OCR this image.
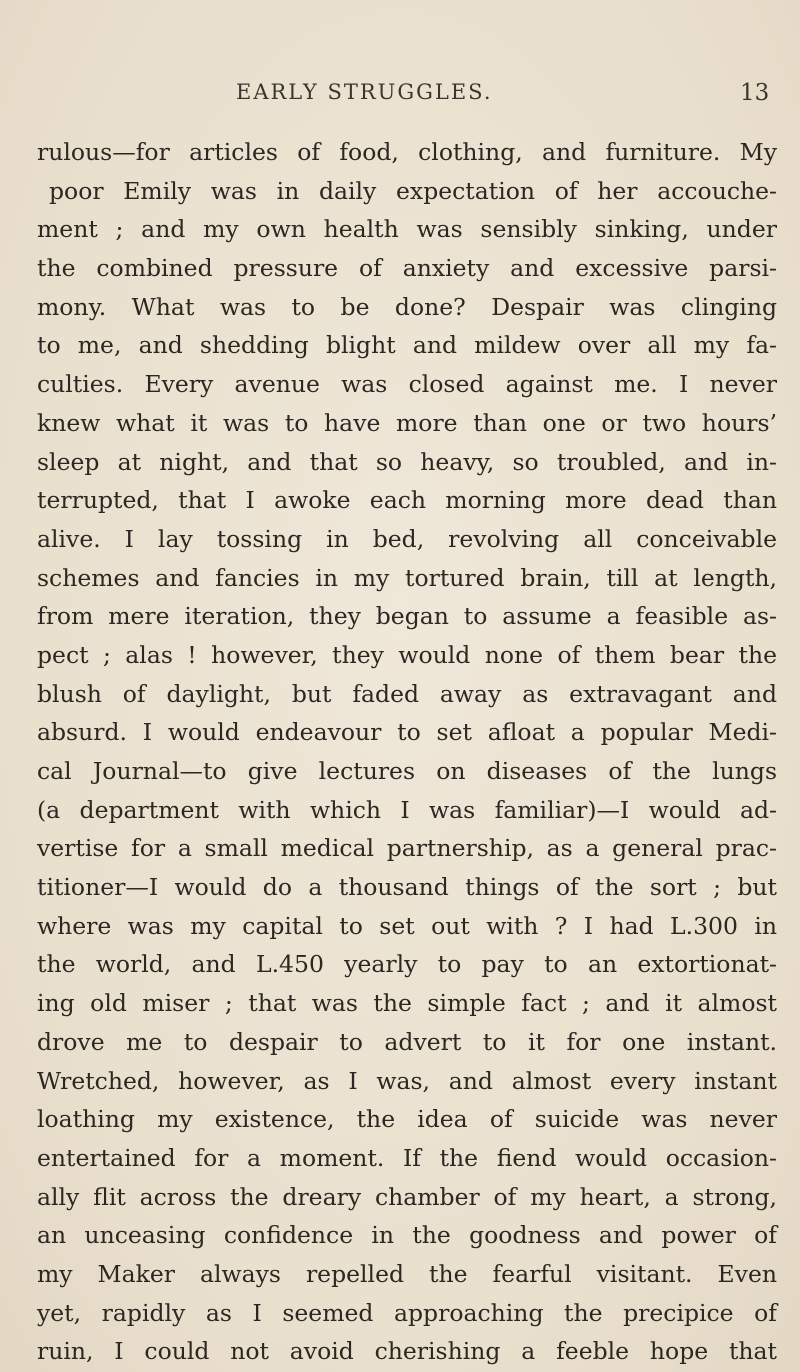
EARLY STRUGGLES.	13
rulous—for articles of food, clothing, and furniture. My
poor Emily was in daily expectation of her accouche-
ment ; and my own health was sensibly sinking, under
the combined pressure of anxiety and excessive parsi-
mony. What was to be done? Despair was clinging
to me, and shedding blight and mildew over all my fa-
culties. Every avenue was closed against me. I never
knew what it was to have more than one or two hours’
sleep at night, and that so heavy, so troubled, and in-
terrupted, that I awoke each morning more dead than
alive. I lay tossing in bed, revolving all conceivable
schemes and fancies in my tortured brain, till at length,
from mere iteration, they began to assume a feasible as-
pect ; alas ! however, they would none of them bear the
blush of daylight, but faded away as extravagant and
absurd. I would endeavour to set afloat a popular Medi-
cal Journal—to give lectures on diseases of the lungs
(a department with which I was familiar)—I would ad-
vertise for a small medical partnership, as a general prac-
titioner—I would do a thousand things of the sort ; but
where was my capital to set out with ? I had L.300 in
the world, and L.450 yearly to pay to an extortionat-
ing old miser ; that was the simple fact ; and it almost
drove me to despair to advert to it for one instant.
Wretched, however, as I was, and almost every instant
loathing my existence, the idea of suicide was never
entertained for a moment. If the fiend would occasion-
ally flit across the dreary chamber of my heart, a strong,
an unceasing confidence in the goodness and power of
my Maker always repelled the fearful visitant. Even
yet, rapidly as I seemed approaching the precipice of
ruin, I could not avoid cherishing a feeble hope that
